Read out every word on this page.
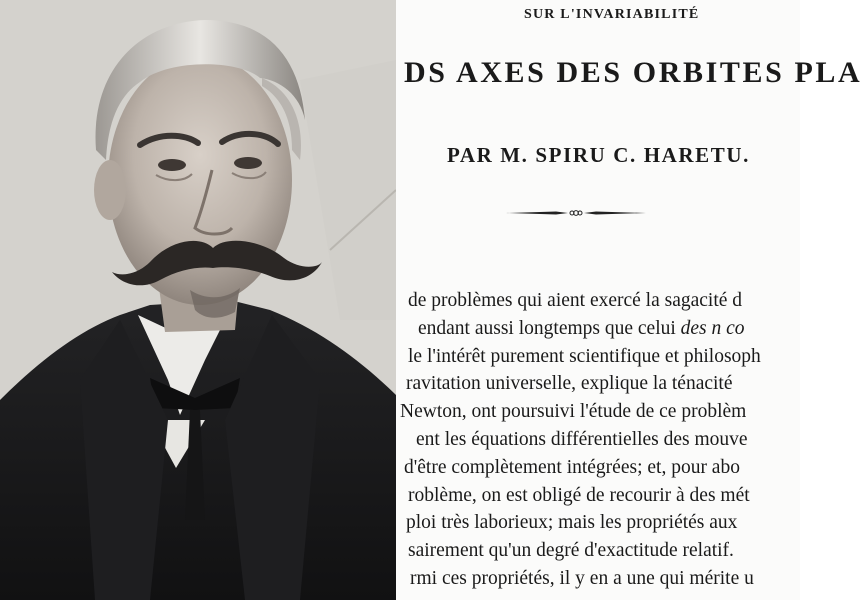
SUR L'INVARIABILITÉ
DS AXES DES ORBITES PLA
PAR M. SPIRU C. HARETU.
de problèmes qui aient exercé la sagacité d
endant aussi longtemps que celui des n co
le l'intérêt purement scientifique et philosoph
ravitation universelle, explique la ténacité
Newton, ont poursuivi l'étude de ce problèm
ent les équations différentielles des mouve
d'être complètement intégrées; et, pour abo
roblème, on est obligé de recourir à des mét
ploi très laborieux; mais les propriétés aux
sairement qu'un degré d'exactitude relatif.
rmi ces propriétés, il y en a une qui mérite u
